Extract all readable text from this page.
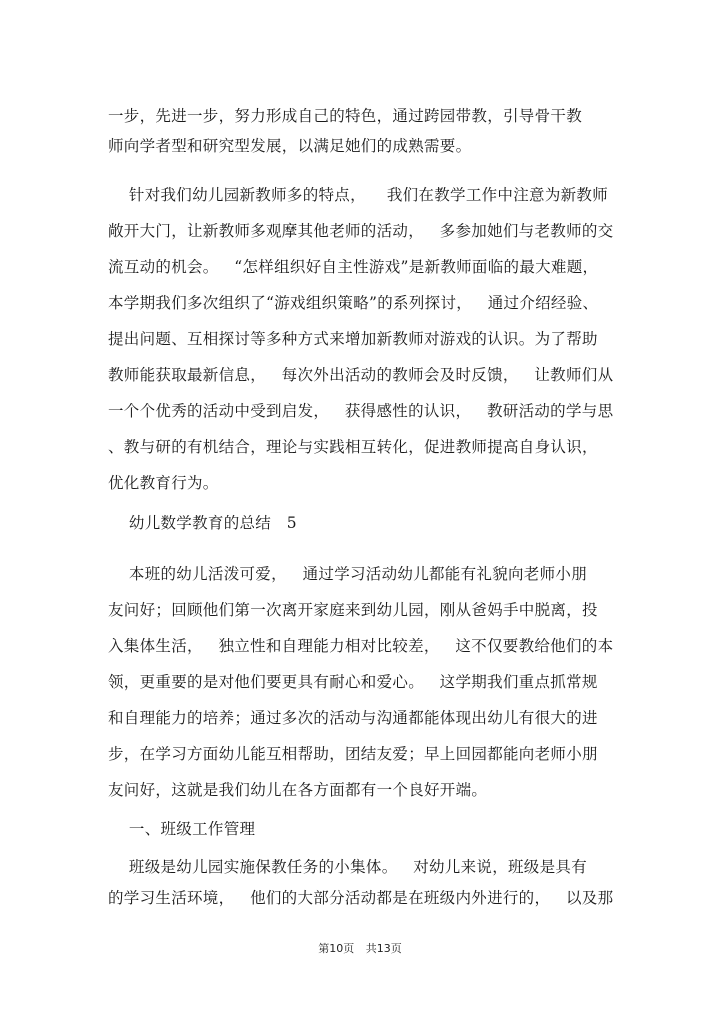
一步，先进一步，努力形成自己的特色，通过跨园带教，引导骨干教
师向学者型和研究型发展，以满足她们的成熟需要。
针对我们幼儿园新教师多的特点，    我们在教学工作中注意为新教师
敞开大门，让新教师多观摩其他老师的活动，   多参加她们与老教师的交
流互动的机会。   “怎样组织好自主性游戏”是新教师面临的最大难题，
本学期我们多次组织了“游戏组织策略”的系列探讨，   通过介绍经验、
提出问题、互相探讨等多种方式来增加新教师对游戏的认识。为了帮助
教师能获取最新信息，   每次外出活动的教师会及时反馈，   让教师们从
一个个优秀的活动中受到启发，   获得感性的认识，   教研活动的学与思
、教与研的有机结合，理论与实践相互转化，促进教师提高自身认识，
优化教育行为。
幼儿数学教育的总结   5
本班的幼儿活泼可爱，   通过学习活动幼儿都能有礼貌向老师小朋
友问好；回顾他们第一次离开家庭来到幼儿园，刚从爸妈手中脱离，投
入集体生活，   独立性和自理能力相对比较差，   这不仅要教给他们的本
领，更重要的是对他们要更具有耐心和爱心。   这学期我们重点抓常规
和自理能力的培养；通过多次的活动与沟通都能体现出幼儿有很大的进
步，在学习方面幼儿能互相帮助，团结友爱；早上回园都能向老师小朋
友问好，这就是我们幼儿在各方面都有一个良好开端。
一、班级工作管理
班级是幼儿园实施保教任务的小集体。   对幼儿来说，班级是具有
的学习生活环境，   他们的大部分活动都是在班级内外进行的，   以及那
第10页 共13页
